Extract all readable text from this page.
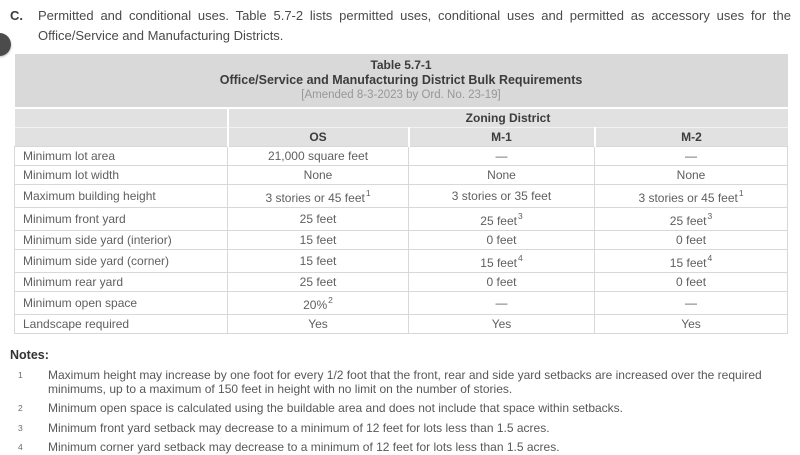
C.	Permitted and conditional uses. Table 5.7-2 lists permitted uses, conditional uses and permitted as accessory uses for the Office/Service and Manufacturing Districts.
Table 5.7-1
Office/Service and Manufacturing District Bulk Requirements
[Amended 8-3-2023 by Ord. No. 23-19]			

	Zoning District		
	OS	M-1	M-2
Minimum lot area	21,000 square feet	—	—
Minimum lot width	None	None	None
Maximum building height	3 stories or 45 feet$^1$	3 stories or 35 feet	3 stories or 45 feet$^1$
Minimum front yard	25 feet	25 feet$^3$	25 feet$^3$
Minimum side yard (interior)	15 feet	0 feet	0 feet
Minimum side yard (corner)	15 feet	15 feet$^4$	15 feet$^4$
Minimum rear yard	25 feet	0 feet	0 feet
Minimum open space	20%$^2$	—	—
Landscape required	Yes	Yes	Yes
Notes:
1	Maximum height may increase by one foot for every 1/2 foot that the front, rear and side yard setbacks are increased over the required minimums, up to a maximum of 150 feet in height with no limit on the number of stories.
2	Minimum open space is calculated using the buildable area and does not include that space within setbacks.
3	Minimum front yard setback may decrease to a minimum of 12 feet for lots less than 1.5 acres.
4	Minimum corner yard setback may decrease to a minimum of 12 feet for lots less than 1.5 acres.
